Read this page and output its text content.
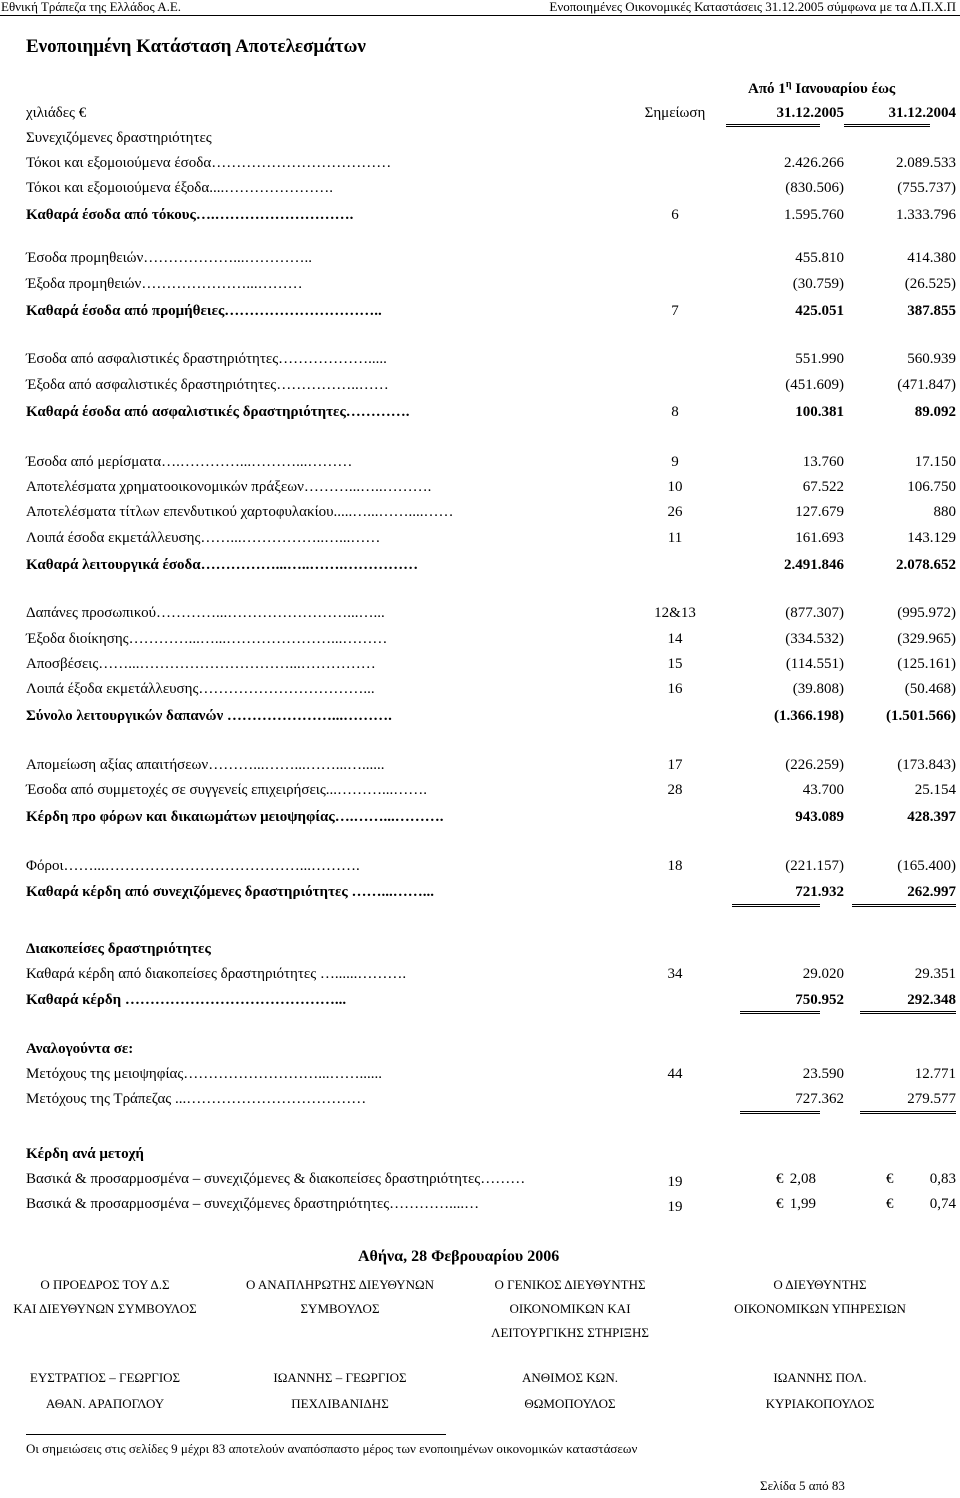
Εθνική Τράπεζα της Ελλάδος Α.Ε.	Ενοποιημένες Οικονομικές Καταστάσεις 31.12.2005 σύμφωνα με τα Δ.Π.Χ.Π
Ενοποιημένη Κατάσταση Αποτελεσμάτων
Από $1^\eta$ Ιανουαρίου έως
χιλιάδες €	Σημείωση	31.12.2005	31.12.2004
Συνεχιζόμενες δραστηριότητες
Τόκοι και εξομοιούμενα έσοδα………………………………	2.426.266	2.089.533
Τόκοι και εξομοιούμενα έξοδα....………………….	(830.506)	(755.737)
Καθαρά έσοδα από τόκους….……………………….	6	1.595.760	1.333.796
Έσοδα προμηθειών………………...…………..	455.810	414.380
Έξοδα προμηθειών…………………...………	(30.759)	(26.525)
Καθαρά έσοδα από προμήθειες…………………………..	7	425.051	387.855
Έσοδα από ασφαλιστικές δραστηριότητες……………….....	551.990	560.939
Έξοδα από ασφαλιστικές δραστηριότητες……………..……	(451.609)	(471.847)
Καθαρά έσοδα από ασφαλιστικές δραστηριότητες………….	8	100.381	89.092
Έσοδα από μερίσματα….…………...………...………	9	13.760	17.150
Αποτελέσματα χρηματοοικονομικών πράξεων………...…..……….	10	67.522	106.750
Αποτελέσματα τίτλων επενδυτικού χαρτοφυλακίου.....…...……....……	26	127.679	880
Λοιπά έσοδα εκμετάλλευσης……...……………..…...……	11	161.693	143.129
Καθαρά λειτουργικά έσοδα……………...…..…….……………	2.491.846	2.078.652
Δαπάνες προσωπικού…………...……………………...…...	12&13	(877.307)	(995.972)
Έξοδα διοίκησης…………...…...…………………...………	14	(334.532)	(329.965)
Αποσβέσεις……...…………………………...……………	15	(114.551)	(125.161)
Λοιπά έξοδα εκμετάλλευσης……………………………...	16	(39.808)	(50.468)
Σύνολο λειτουργικών δαπανών …………………...……….	(1.366.198)	(1.501.566)
Απομείωση αξίας απαιτήσεων………...……...……...…......	17	(226.259)	(173.843)
Έσοδα από συμμετοχές σε συγγενείς επιχειρήσεις...………...…….	28	43.700	25.154
Κέρδη προ φόρων και δικαιωμάτων μειοψηφίας….……...……….	943.089	428.397
Φόροι……...…………………………………...……….	18	(221.157)	(165.400)
Καθαρά κέρδη από συνεχιζόμενες δραστηριότητες ……...……...	721.932	262.997
Διακοπείσες δραστηριότητες
Καθαρά κέρδη από διακοπείσες δραστηριότητες …......……….	34	29.020	29.351
Καθαρά κέρδη ……………………………………...	750.952	292.348
Αναλογούντα σε:
Μετόχους της μειοψηφίας………………………...……......	44	23.590	12.771
Μετόχους της Τράπεζας ...………………………………	727.362	279.577
Κέρδη ανά μετοχή
Βασικά & προσαρμοσμένα – συνεχιζόμενες & διακοπείσες δραστηριότητες………	19	€ 2,08	€	0,83
Βασικά & προσαρμοσμένα – συνεχιζόμενες δραστηριότητες…………....…	19	€ 1,99	€	0,74
Αθήνα, 28 Φεβρουαρίου 2006
Ο ΠΡΟΕΔΡΟΣ ΤΟΥ Δ.Σ
ΚΑΙ ΔΙΕΥΘΥΝΩΝ ΣΥΜΒΟΥΛΟΣ
ΕΥΣΤΡΑΤΙΟΣ – ΓΕΩΡΓΙΟΣ
ΑΘΑΝ. ΑΡΑΠΟΓΛΟΥ
Ο ΑΝΑΠΛΗΡΩΤΗΣ ΔΙΕΥΘΥΝΩΝ
ΣΥΜΒΟΥΛΟΣ
ΙΩΑΝΝΗΣ – ΓΕΩΡΓΙΟΣ
ΠΕΧΛΙΒΑΝΙΔΗΣ
Ο ΓΕΝΙΚΟΣ ΔΙΕΥΘΥΝΤΗΣ
ΟΙΚΟΝΟΜΙΚΩΝ ΚΑΙ
ΛΕΙΤΟΥΡΓΙΚΗΣ ΣΤΗΡΙΞΗΣ
ΑΝΘΙΜΟΣ ΚΩΝ.
ΘΩΜΟΠΟΥΛΟΣ
Ο ΔΙΕΥΘΥΝΤΗΣ
ΟΙΚΟΝΟΜΙΚΩΝ ΥΠΗΡΕΣΙΩΝ
ΙΩΑΝΝΗΣ ΠΟΛ.
ΚΥΡΙΑΚΟΠΟΥΛΟΣ
Οι σημειώσεις στις σελίδες 9 μέχρι 83 αποτελούν αναπόσπαστο μέρος των ενοποιημένων οικονομικών καταστάσεων
Σελίδα 5 από 83
